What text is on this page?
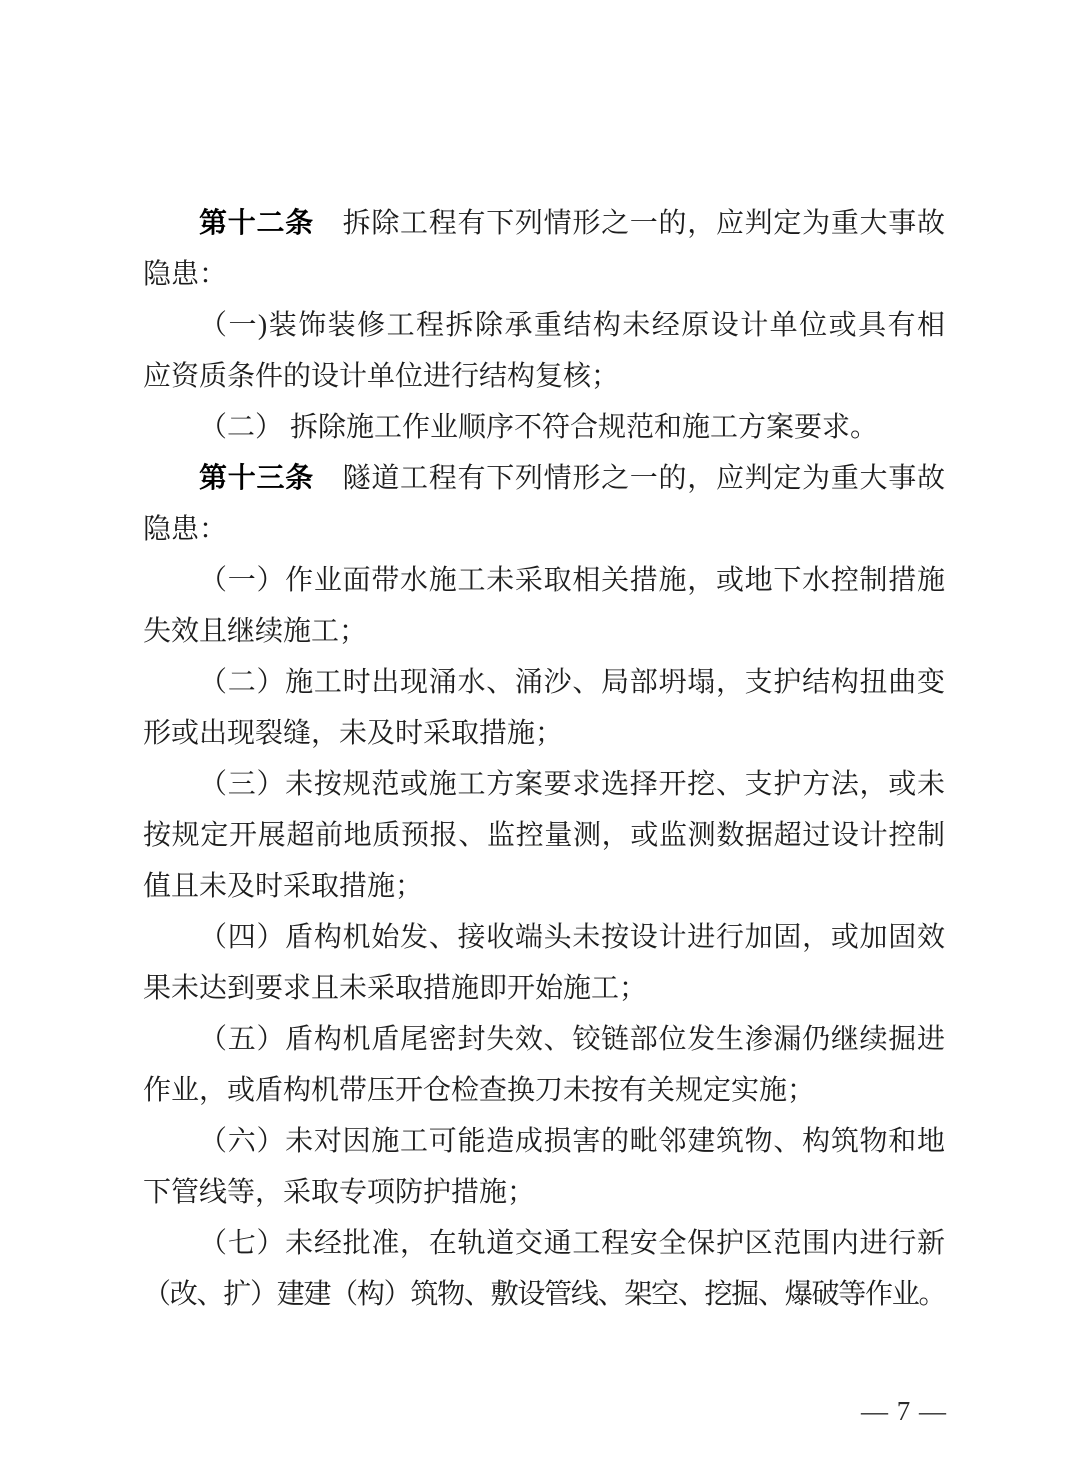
第十二条　拆除工程有下列情形之一的，应判定为重大事故
隐患：
（一)装饰装修工程拆除承重结构未经原设计单位或具有相
应资质条件的设计单位进行结构复核；
（二） 拆除施工作业顺序不符合规范和施工方案要求。
第十三条　隧道工程有下列情形之一的，应判定为重大事故
隐患：
（一）作业面带水施工未采取相关措施，或地下水控制措施
失效且继续施工；
（二）施工时出现涌水、涌沙、局部坍塌，支护结构扭曲变
形或出现裂缝，未及时采取措施；
（三）未按规范或施工方案要求选择开挖、支护方法，或未
按规定开展超前地质预报、监控量测，或监测数据超过设计控制
值且未及时采取措施；
（四）盾构机始发、接收端头未按设计进行加固，或加固效
果未达到要求且未采取措施即开始施工；
（五）盾构机盾尾密封失效、铰链部位发生渗漏仍继续掘进
作业，或盾构机带压开仓检查换刀未按有关规定实施；
（六）未对因施工可能造成损害的毗邻建筑物、构筑物和地
下管线等，采取专项防护措施；
（七）未经批准，在轨道交通工程安全保护区范围内进行新
（改、扩）建建（构）筑物、敷设管线、架空、挖掘、爆破等作业。
— 7 —
